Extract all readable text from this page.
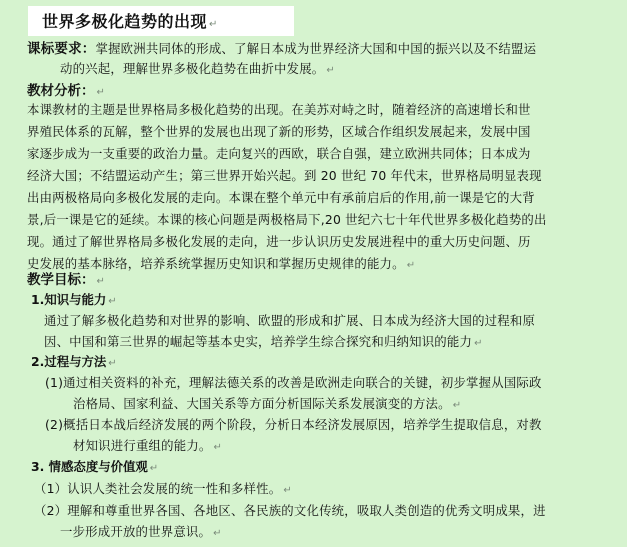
世界多极化趋势的出现 ↵
课标要求：掌握欧洲共同体的形成、了解日本成为世界经济大国和中国的振兴以及不结盟运
动的兴起，理解世界多极化趋势在曲折中发展。 ↵
教材分析： ↵
本课教材的主题是世界格局多极化趋势的出现。在美苏对峙之时，随着经济的高速增长和世
界殖民体系的瓦解，整个世界的发展也出现了新的形势，区域合作组织发展起来，发展中国
家逐步成为一支重要的政治力量。走向复兴的西欧，联合自强，建立欧洲共同体；日本成为
经济大国；不结盟运动产生；第三世界开始兴起。到 20 世纪 70 年代末，世界格局明显表现
出由两极格局向多极化发展的走向。本课在整个单元中有承前启后的作用,前一课是它的大背
景,后一课是它的延续。本课的核心问题是两极格局下,20 世纪六七十年代世界多极化趋势的出
现。通过了解世界格局多极化发展的走向，进一步认识历史发展进程中的重大历史问题、历
史发展的基本脉络，培养系统掌握历史知识和掌握历史规律的能力。 ↵
教学目标： ↵
1.知识与能力 ↵
通过了解多极化趋势和对世界的影响、欧盟的形成和扩展、日本成为经济大国的过程和原
因、中国和第三世界的崛起等基本史实，培养学生综合探究和归纳知识的能力 ↵
2.过程与方法 ↵
(1)通过相关资料的补充，理解法德关系的改善是欧洲走向联合的关键，初步掌握从国际政
治格局、国家利益、大国关系等方面分析国际关系发展演变的方法。 ↵
(2)概括日本战后经济发展的两个阶段，分析日本经济发展原因，培养学生提取信息，对教
材知识进行重组的能力。 ↵
3. 情感态度与价值观 ↵
（1）认识人类社会发展的统一性和多样性。 ↵
（2）理解和尊重世界各国、各地区、各民族的文化传统，吸取人类创造的优秀文明成果，进
一步形成开放的世界意识。 ↵
